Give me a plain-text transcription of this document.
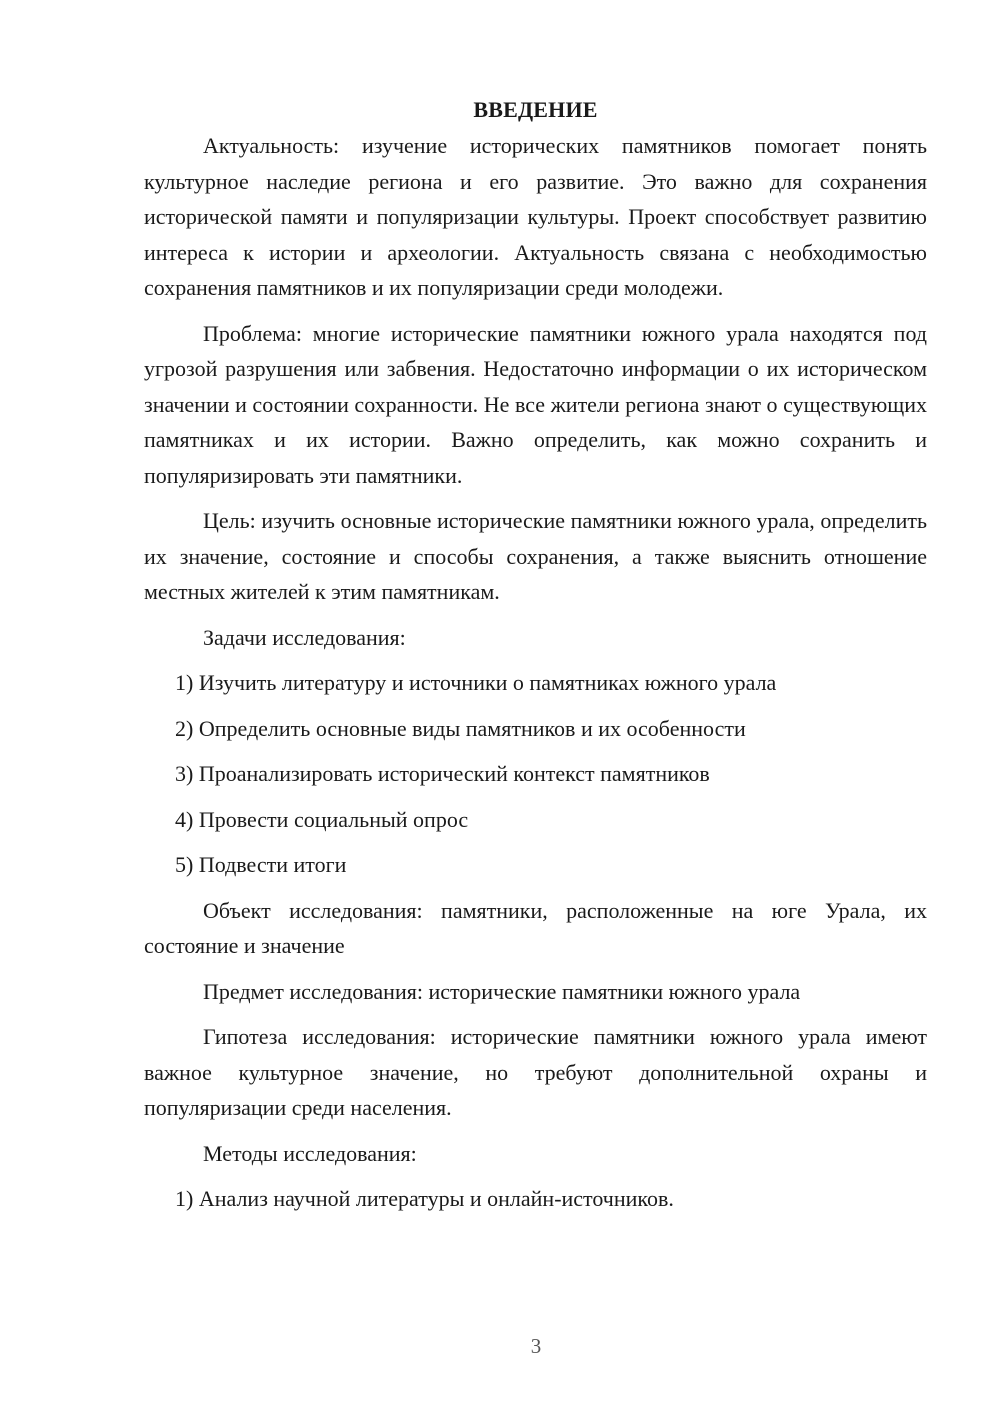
ВВЕДЕНИЕ

Актуальность: изучение исторических памятников помогает понять культурное наследие региона и его развитие. Это важно для сохранения исторической памяти и популяризации культуры. Проект способствует развитию интереса к истории и археологии. Актуальность связана с необходимостью сохранения памятников и их популяризации среди молодежи.

Проблема: многие исторические памятники южного урала находятся под угрозой разрушения или забвения. Недостаточно информации о их историческом значении и состоянии сохранности. Не все жители региона знают о существующих памятниках и их истории. Важно определить, как можно сохранить и популяризировать эти памятники.

Цель: изучить основные исторические памятники южного урала, определить их значение, состояние и способы сохранения, а также выяснить отношение местных жителей к этим памятникам.

Задачи исследования:

1) Изучить литературу и источники о памятниках южного урала
2) Определить основные виды памятников и их особенности
3) Проанализировать исторический контекст памятников
4) Провести социальный опрос
5) Подвести итоги

Объект исследования: памятники, расположенные на юге Урала, их состояние и значение

Предмет исследования: исторические памятники южного урала

Гипотеза исследования: исторические памятники южного урала имеют важное культурное значение, но требуют дополнительной охраны и популяризации среди населения.

Методы исследования:

1) Анализ научной литературы и онлайн-источников.
3
